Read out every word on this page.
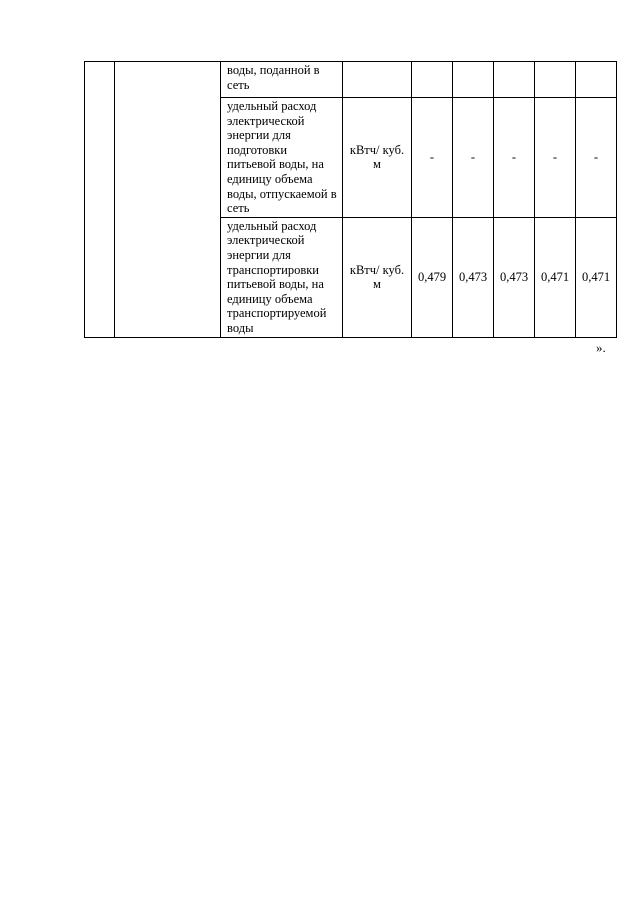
		воды, поданной в сеть						
		удельный расход электрической энергии для подготовки питьевой воды, на единицу объема воды, отпускаемой в сеть	кВтч/ куб. м	-	-	-	-	-
		удельный расход электрической энергии для транспортировки питьевой воды, на единицу объема транспортируемой воды	кВтч/ куб. м	0,479	0,473	0,473	0,471	0,471
».
